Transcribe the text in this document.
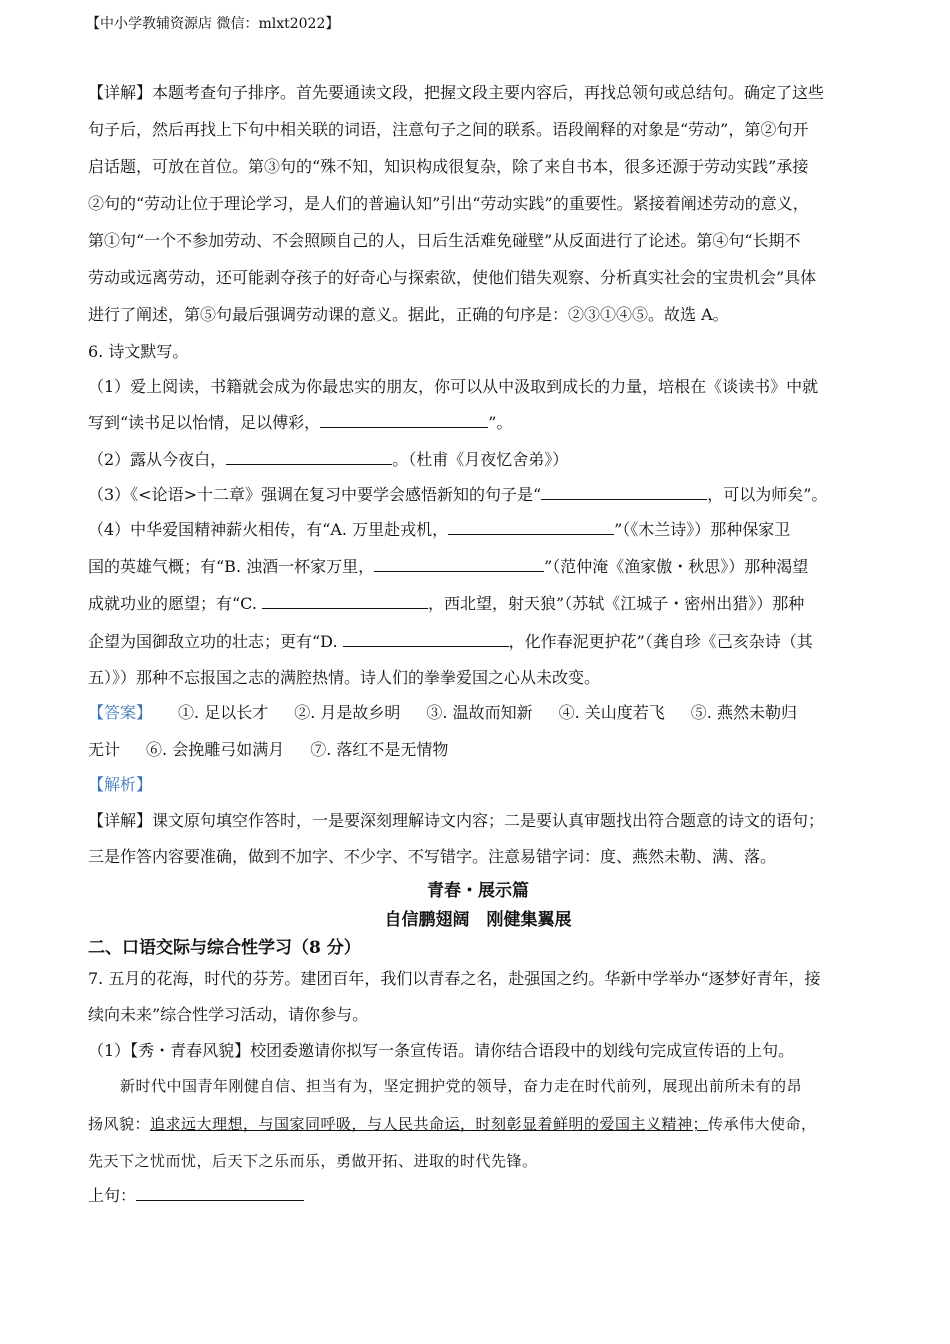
【中小学教辅资源店 微信：mlxt2022】
【详解】本题考查句子排序。首先要通读文段，把握文段主要内容后，再找总领句或总结句。确定了这些
句子后，然后再找上下句中相关联的词语，注意句子之间的联系。语段阐释的对象是“劳动”，第②句开
启话题，可放在首位。第③句的“殊不知，知识构成很复杂，除了来自书本，很多还源于劳动实践”承接
②句的“劳动让位于理论学习，是人们的普遍认知”引出“劳动实践”的重要性。紧接着阐述劳动的意义，
第①句“一个不参加劳动、不会照顾自己的人，日后生活难免碰壁”从反面进行了论述。第④句“长期不
劳动或远离劳动，还可能剥夺孩子的好奇心与探索欲，使他们错失观察、分析真实社会的宝贵机会”具体
进行了阐述，第⑤句最后强调劳动课的意义。据此，正确的句序是：②③①④⑤。故选 A。
6. 诗文默写。
（1）爱上阅读，书籍就会成为你最忠实的朋友，你可以从中汲取到成长的力量，培根在《谈读书》中就
写到“读书足以怡情，足以傅彩，	”。
（2）露从今夜白，	。（杜甫《月夜忆舍弟》）
（3）《<论语>十二章》强调在复习中要学会感悟新知的句子是“	，可以为师矣”。
（4）中华爱国精神薪火相传，有“A. 万里赴戎机，	”（《木兰诗》）那种保家卫
国的英雄气概；有“B. 浊酒一杯家万里，	”（范仲淹《渔家傲・秋思》）那种渴望
成就功业的愿望；有“C.	，西北望，射天狼”（苏轼《江城子・密州出猎》）那种
企望为国御敌立功的壮志；更有“D.	，化作春泥更护花”（龚自珍《己亥杂诗（其
五）》）那种不忘报国之志的满腔热情。诗人们的拳拳爱国之心从未改变。
【答案】 ①. 足以长才 ②. 月是故乡明 ③. 温故而知新 ④. 关山度若飞 ⑤. 燕然未勒归
无计 ⑥. 会挽雕弓如满月 ⑦. 落红不是无情物
【解析】
【详解】课文原句填空作答时，一是要深刻理解诗文内容；二是要认真审题找出符合题意的诗文的语句；
三是作答内容要准确，做到不加字、不少字、不写错字。注意易错字词：度、燕然未勒、满、落。
青春・展示篇
自信鹏翅阔　刚健集翼展
二、口语交际与综合性学习（8 分）
7. 五月的花海，时代的芬芳。建团百年，我们以青春之名，赴强国之约。华新中学举办“逐梦好青年，接
续向未来”综合性学习活动，请你参与。
（1）【秀・青春风貌】校团委邀请你拟写一条宣传语。请你结合语段中的划线句完成宣传语的上句。
新时代中国青年刚健自信、担当有为，坚定拥护党的领导，奋力走在时代前列，展现出前所未有的昂
扬风貌：追求远大理想，与国家同呼吸，与人民共命运，时刻彰显着鲜明的爱国主义精神；传承伟大使命，
先天下之忧而忧，后天下之乐而乐，勇做开拓、进取的时代先锋。
上句：
